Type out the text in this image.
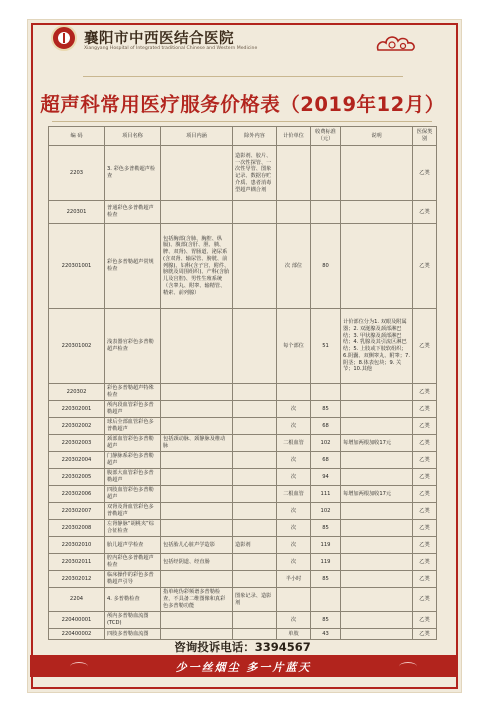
襄阳市中西医结合医院
Xiangyang Hospital of Integrated traditional Chinese and Western Medicine
超声科常用医疗服务价格表（2019年12月）
编 码	项目名称	项目内涵	除外内容	计价单位	收费标准（元）	说明	医保类别
2203	3. 彩色多普勒超声检查		造影剂、胶片、一次性探管、一次性导管、图象记录、数据存贮介质、患者消毒型超声耦合剂				乙类
220301	普通彩色多普勒超声检查						乙类
220301001	彩色多普勒超声常规检查	包括胸部(含肺、胸腔、纵膈)、腹部(含肝、胆、胰、脾、双肾)、胃肠道、泌尿系(含双肾、输尿管、膀胱、前列腺)、妇科(含子宫、附件、膀胱及周围组织)、产科(含胎儿及宫腔)、男性生殖系统（含睾丸、附睾、输精管、精索、前列腺）		次 部位	80		乙类
220301002	浅表器官彩色多普勒超声检查			每个部位	51	计价部位分为1. 双眼及附属器；2. 双涎腺及颈部淋巴结；3. 甲状腺及颈部淋巴结；4. 乳腺及其引流区淋巴结；5. 上肢或下肢软组织；6.阴囊、双侧睾丸、附睾；7. 阴茎；8.体表包块；9. 关节；10.其他	乙类
220302	彩色多普勒超声特殊检查						乙类
220302001	颅内段血管彩色多普勒超声			次	85		乙类
220302002	球后全部血管彩色多普勒超声			次	68		乙类
220302003	颈部血管彩色多普勒超声	包括颈动脉、颈静脉及椎动脉		二根血管	102	每增加两根加收17元	乙类
220302004	门静脉系彩色多普勒超声			次	68		乙类
220302005	腹部大血管彩色多普勒超声			次	94		乙类
220302006	四肢血管彩色多普勒超声			二根血管	111	每增加两根加收17元	乙类
220302007	双肾及肾血管彩色多普勒超声			次	102		乙类
220302008	左肾静脉“胡桃夹”综合征检查			次	85		乙类
220302010	胎儿超声学检查	包括胎儿心脏声学造影	造影剂	次	119		乙类
220302011	腔内彩色多普勒超声检查	包括经阴道、经直肠		次	119		乙类
220302012	临床操作的彩色多普勒超声引导			半小时	85		乙类
2204	4. 多普勒检查	指单纯伪彩频谱多普勒检查，不具备二维图像和真彩色多普勒功能	图象记录、造影剂				乙类
220400001	颅内多普勒血流图(TCD)			次	85		乙类
220400002	四肢多普勒血流图			单肢	43		乙类
咨询投诉电话：3394567
少一丝烟尘 多一片蓝天
